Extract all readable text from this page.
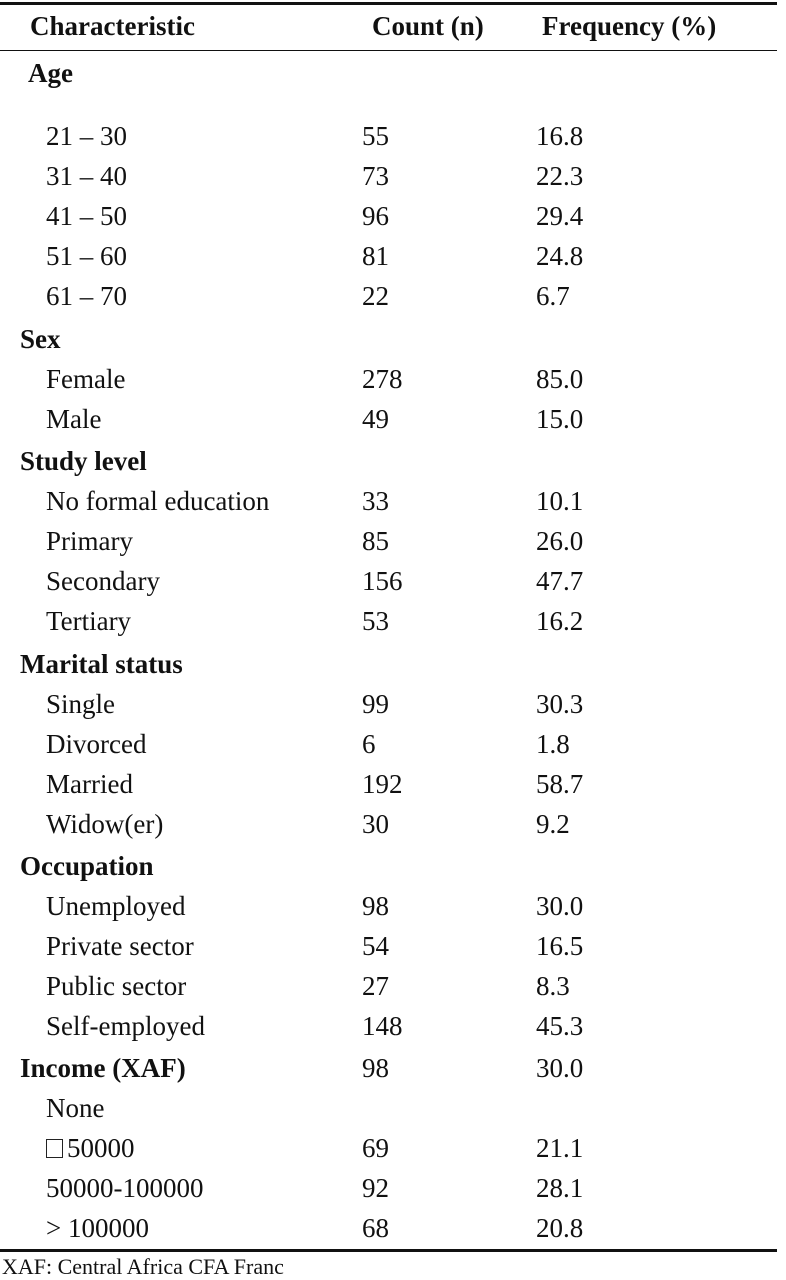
Characteristic	Count (n) Frequency (%)
Age
21 – 30	55	16.8
31 – 40	73	22.3
41 – 50	96	29.4
51 – 60	81	24.8
61 – 70	22	6.7
Sex
Female	278	85.0
Male	49	15.0
Study level
No formal education	33	10.1
Primary	85	26.0
Secondary	156	47.7
Tertiary	53	16.2
Marital status
Single	99	30.3
Divorced	6	1.8
Married	192	58.7
Widow(er)	30	9.2
Occupation
Unemployed	98	30.0
Private sector	54	16.5
Public sector	27	8.3
Self-employed	148	45.3
Income (XAF)	98	30.0
None
50000	69	21.1
50000-100000	92	28.1
> 100000	68	20.8
XAF: Central Africa CFA Franc
